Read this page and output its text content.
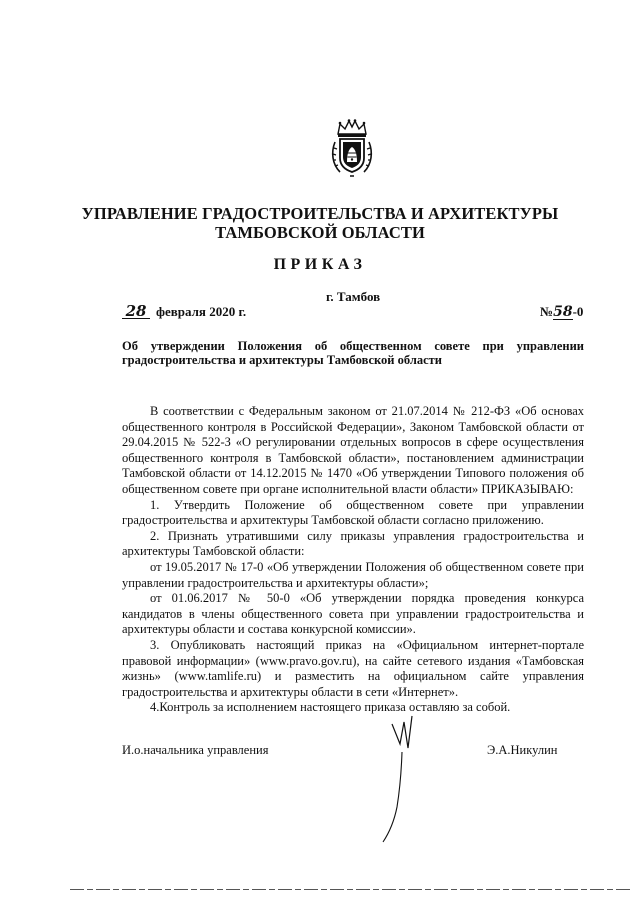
УПРАВЛЕНИЕ ГРАДОСТРОИТЕЛЬСТВА И АРХИТЕКТУРЫ
ТАМБОВСКОЙ ОБЛАСТИ
ПРИКАЗ
г. Тамбов
28 февраля 2020 г.	№ 58 -0
Об утверждении Положения об общественном совете при управлении градостроительства и архитектуры Тамбовской области

В соответствии с Федеральным законом от 21.07.2014 № 212-ФЗ «Об основах общественного контроля в Российской Федерации», Законом Тамбовской области от 29.04.2015 № 522-З «О регулировании отдельных вопросов в сфере осуществления общественного контроля в Тамбовской области», постановлением администрации Тамбовской области от 14.12.2015 № 1470 «Об утверждении Типового положения об общественном совете при органе исполнительной власти области» ПРИКАЗЫВАЮ:

1. Утвердить Положение об общественном совете при управлении градостроительства и архитектуры Тамбовской области согласно приложению.

2. Признать утратившими силу приказы управления градостроительства и архитектуры Тамбовской области:

от 19.05.2017 № 17-0 «Об утверждении Положения об общественном совете при управлении градостроительства и архитектуры области»;

от 01.06.2017 № 50-0 «Об утверждении порядка проведения конкурса кандидатов в члены общественного совета при управлении градостроительства и архитектуры области и состава конкурсной комиссии».

3. Опубликовать настоящий приказ на «Официальном интернет-портале правовой информации» (www.pravo.gov.ru), на сайте сетевого издания «Тамбовская жизнь» (www.tamlife.ru) и разместить на официальном сайте управления градостроительства и архитектуры области в сети «Интернет».

4.Контроль за исполнением настоящего приказа оставляю за собой.

И.о.начальника управления	Э.А.Никулин
